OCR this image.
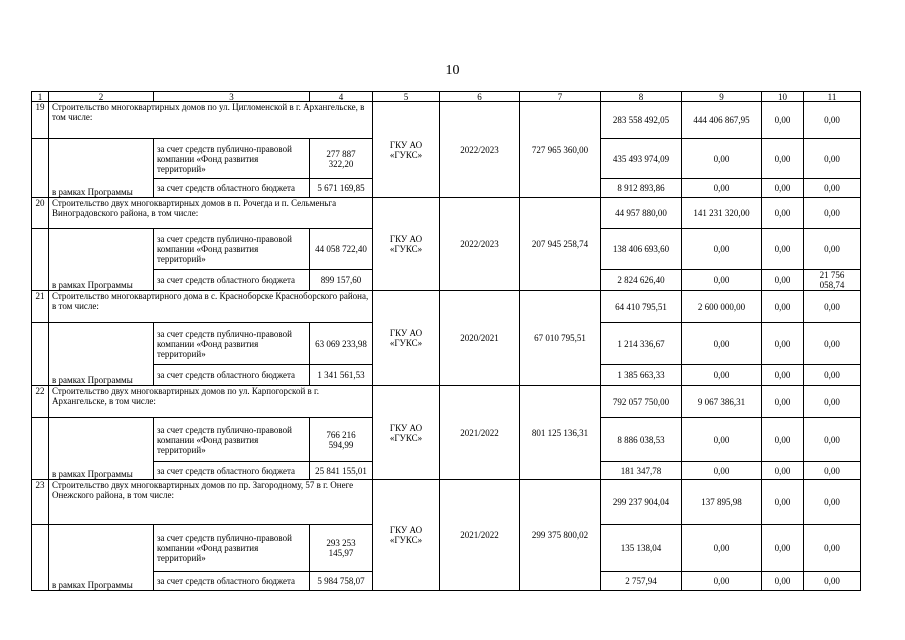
10
1	2	3	4	5	6	7	8	9	10	11	
19	Строительство многоквартирных домов по ул. Цигломенской в г. Архангельске, в том числе:			ГКУ АО «ГУКС»	2022/2023	727 965 360,00	283 558 492,05	444 406 867,95	0,00	0,00	
	в рамках Программы	за счет средств публично-правовой компании «Фонд развития территорий»	277 887 322,20				435 493 974,09	0,00	0,00	0,00	
		за счет средств областного бюджета	5 671 169,85				8 912 893,86	0,00	0,00	0,00	
20	Строительство двух многоквартирных домов в п. Рочегда и п. Сельменьга Виноградовского района, в том числе:			ГКУ АО «ГУКС»	2022/2023	207 945 258,74	44 957 880,00	141 231 320,00	0,00	0,00	
	в рамках Программы	за счет средств публично-правовой компании «Фонд развития территорий»	44 058 722,40				138 406 693,60	0,00	0,00	0,00	
		за счет средств областного бюджета	899 157,60				2 824 626,40	0,00	0,00	21 756 058,74	
21	Строительство многоквартирного дома в с. Красноборске Красноборского района, в том числе:			ГКУ АО «ГУКС»	2020/2021	67 010 795,51	64 410 795,51	2 600 000,00	0,00	0,00	
	в рамках Программы	за счет средств публично-правовой компании «Фонд развития территорий»	63 069 233,98				1 214 336,67	0,00	0,00	0,00	
		за счет средств областного бюджета	1 341 561,53				1 385 663,33	0,00	0,00	0,00	
22	Строительство двух многоквартирных домов по ул. Карпогорской в г. Архангельске, в том числе:			ГКУ АО «ГУКС»	2021/2022	801 125 136,31	792 057 750,00	9 067 386,31	0,00	0,00	
	в рамках Программы	за счет средств публично-правовой компании «Фонд развития территорий»	766 216 594,99				8 886 038,53	0,00	0,00	0,00	
		за счет средств областного бюджета	25 841 155,01				181 347,78	0,00	0,00	0,00	
23	Строительство двух многоквартирных домов по пр. Загородному, 57 в г. Онеге Онежского района, в том числе:			ГКУ АО «ГУКС»	2021/2022	299 375 800,02	299 237 904,04	137 895,98	0,00	0,00	
	в рамках Программы	за счет средств публично-правовой компании «Фонд развития территорий»	293 253 145,97				135 138,04	0,00	0,00	0,00	
		за счет средств областного бюджета	5 984 758,07				2 757,94	0,00	0,00	0,00	
